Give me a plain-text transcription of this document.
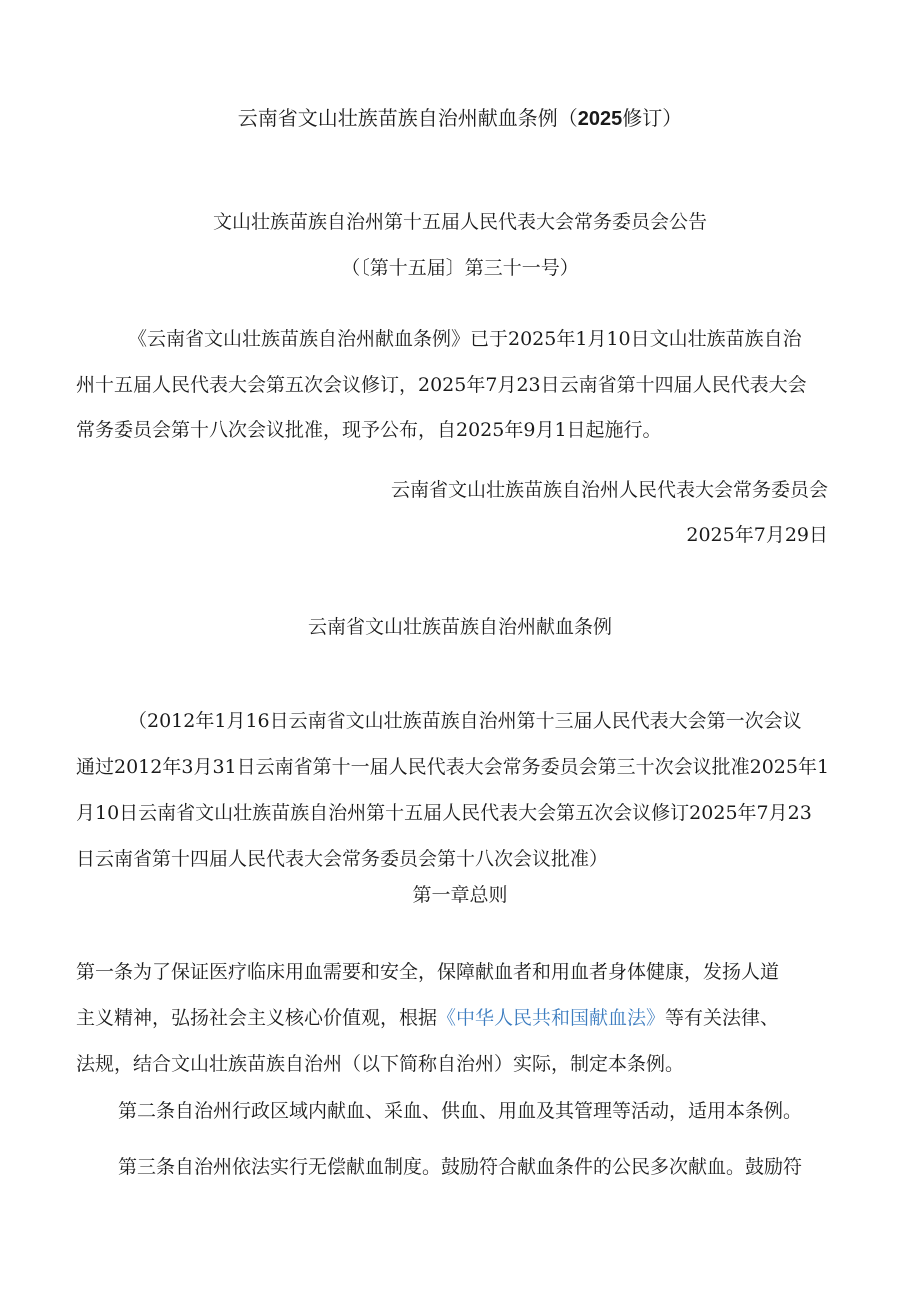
云南省文山壮族苗族自治州献血条例（2025修订）
文山壮族苗族自治州第十五届人民代表大会常务委员会公告
（〔第十五届〕第三十一号）
《云南省文山壮族苗族自治州献血条例》已于2025年1月10日文山壮族苗族自治
州十五届人民代表大会第五次会议修订，2025年7月23日云南省第十四届人民代表大会
常务委员会第十八次会议批准，现予公布，自2025年9月1日起施行。
云南省文山壮族苗族自治州人民代表大会常务委员会
2025年7月29日
云南省文山壮族苗族自治州献血条例
（2012年1月16日云南省文山壮族苗族自治州第十三届人民代表大会第一次会议
通过2012年3月31日云南省第十一届人民代表大会常务委员会第三十次会议批准2025年1
月10日云南省文山壮族苗族自治州第十五届人民代表大会第五次会议修订2025年7月23
日云南省第十四届人民代表大会常务委员会第十八次会议批准）
第一章总则
第一条为了保证医疗临床用血需要和安全，保障献血者和用血者身体健康，发扬人道
主义精神，弘扬社会主义核心价值观，根据《中华人民共和国献血法》等有关法律、
法规，结合文山壮族苗族自治州（以下简称自治州）实际，制定本条例。
第二条自治州行政区域内献血、采血、供血、用血及其管理等活动，适用本条例。
第三条自治州依法实行无偿献血制度。鼓励符合献血条件的公民多次献血。鼓励符
